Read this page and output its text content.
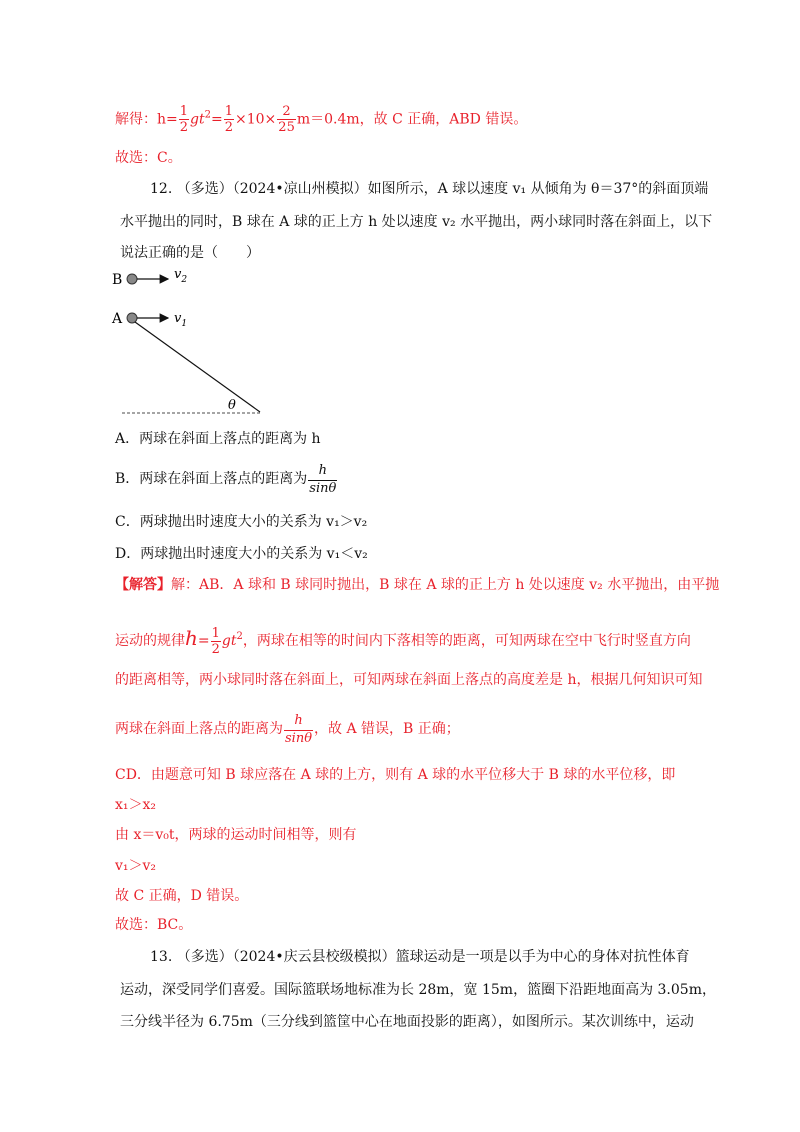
解得：$h= \frac{1}{2} gt^2= \frac{1}{2} \times 10\times \frac{2}{25} m=0.4m$，故 C 正确，ABD 错误。
故选：C。
12. （多选）（2024•凉山州模拟）如图所示，A 球以速度 v₁ 从倾角为 θ＝37°的斜面顶端
水平抛出的同时，B 球在 A 球的正上方 h 处以速度 v₂ 水平抛出，两小球同时落在斜面上，以下
说法正确的是（　　）
B	$v_2$
A	$v_1$
θ
A．两球在斜面上落点的距离为 h
B．两球在斜面上落点的距离为 $\frac{h}{\sin\theta}$
C．两球抛出时速度大小的关系为 v₁＞v₂
D．两球抛出时速度大小的关系为 v₁＜v₂
【解答】解：AB．A 球和 B 球同时抛出，B 球在 A 球的正上方 h 处以速度 v₂ 水平抛出，由平抛
运动的规律$h= \frac{1}{2} gt^2$，两球在相等的时间内下落相等的距离，可知两球在空中飞行时竖直方向
的距离相等，两小球同时落在斜面上，可知两球在斜面上落点的高度差是 h，根据几何知识可知
两球在斜面上落点的距离为 $\frac{h}{\sin\theta}$ ，故 A 错误，B 正确；
CD．由题意可知 B 球应落在 A 球的上方，则有 A 球的水平位移大于 B 球的水平位移，即
x₁＞x₂
由 x＝v₀t，两球的运动时间相等，则有
v₁＞v₂
故 C 正确，D 错误。
故选：BC。
13. （多选）（2024•庆云县校级模拟）篮球运动是一项是以手为中心的身体对抗性体育
运动，深受同学们喜爱。国际篮联场地标准为长 28m，宽 15m，篮圈下沿距地面高为 3.05m，
三分线半径为 6.75m（三分线到篮筐中心在地面投影的距离），如图所示。某次训练中，运动
